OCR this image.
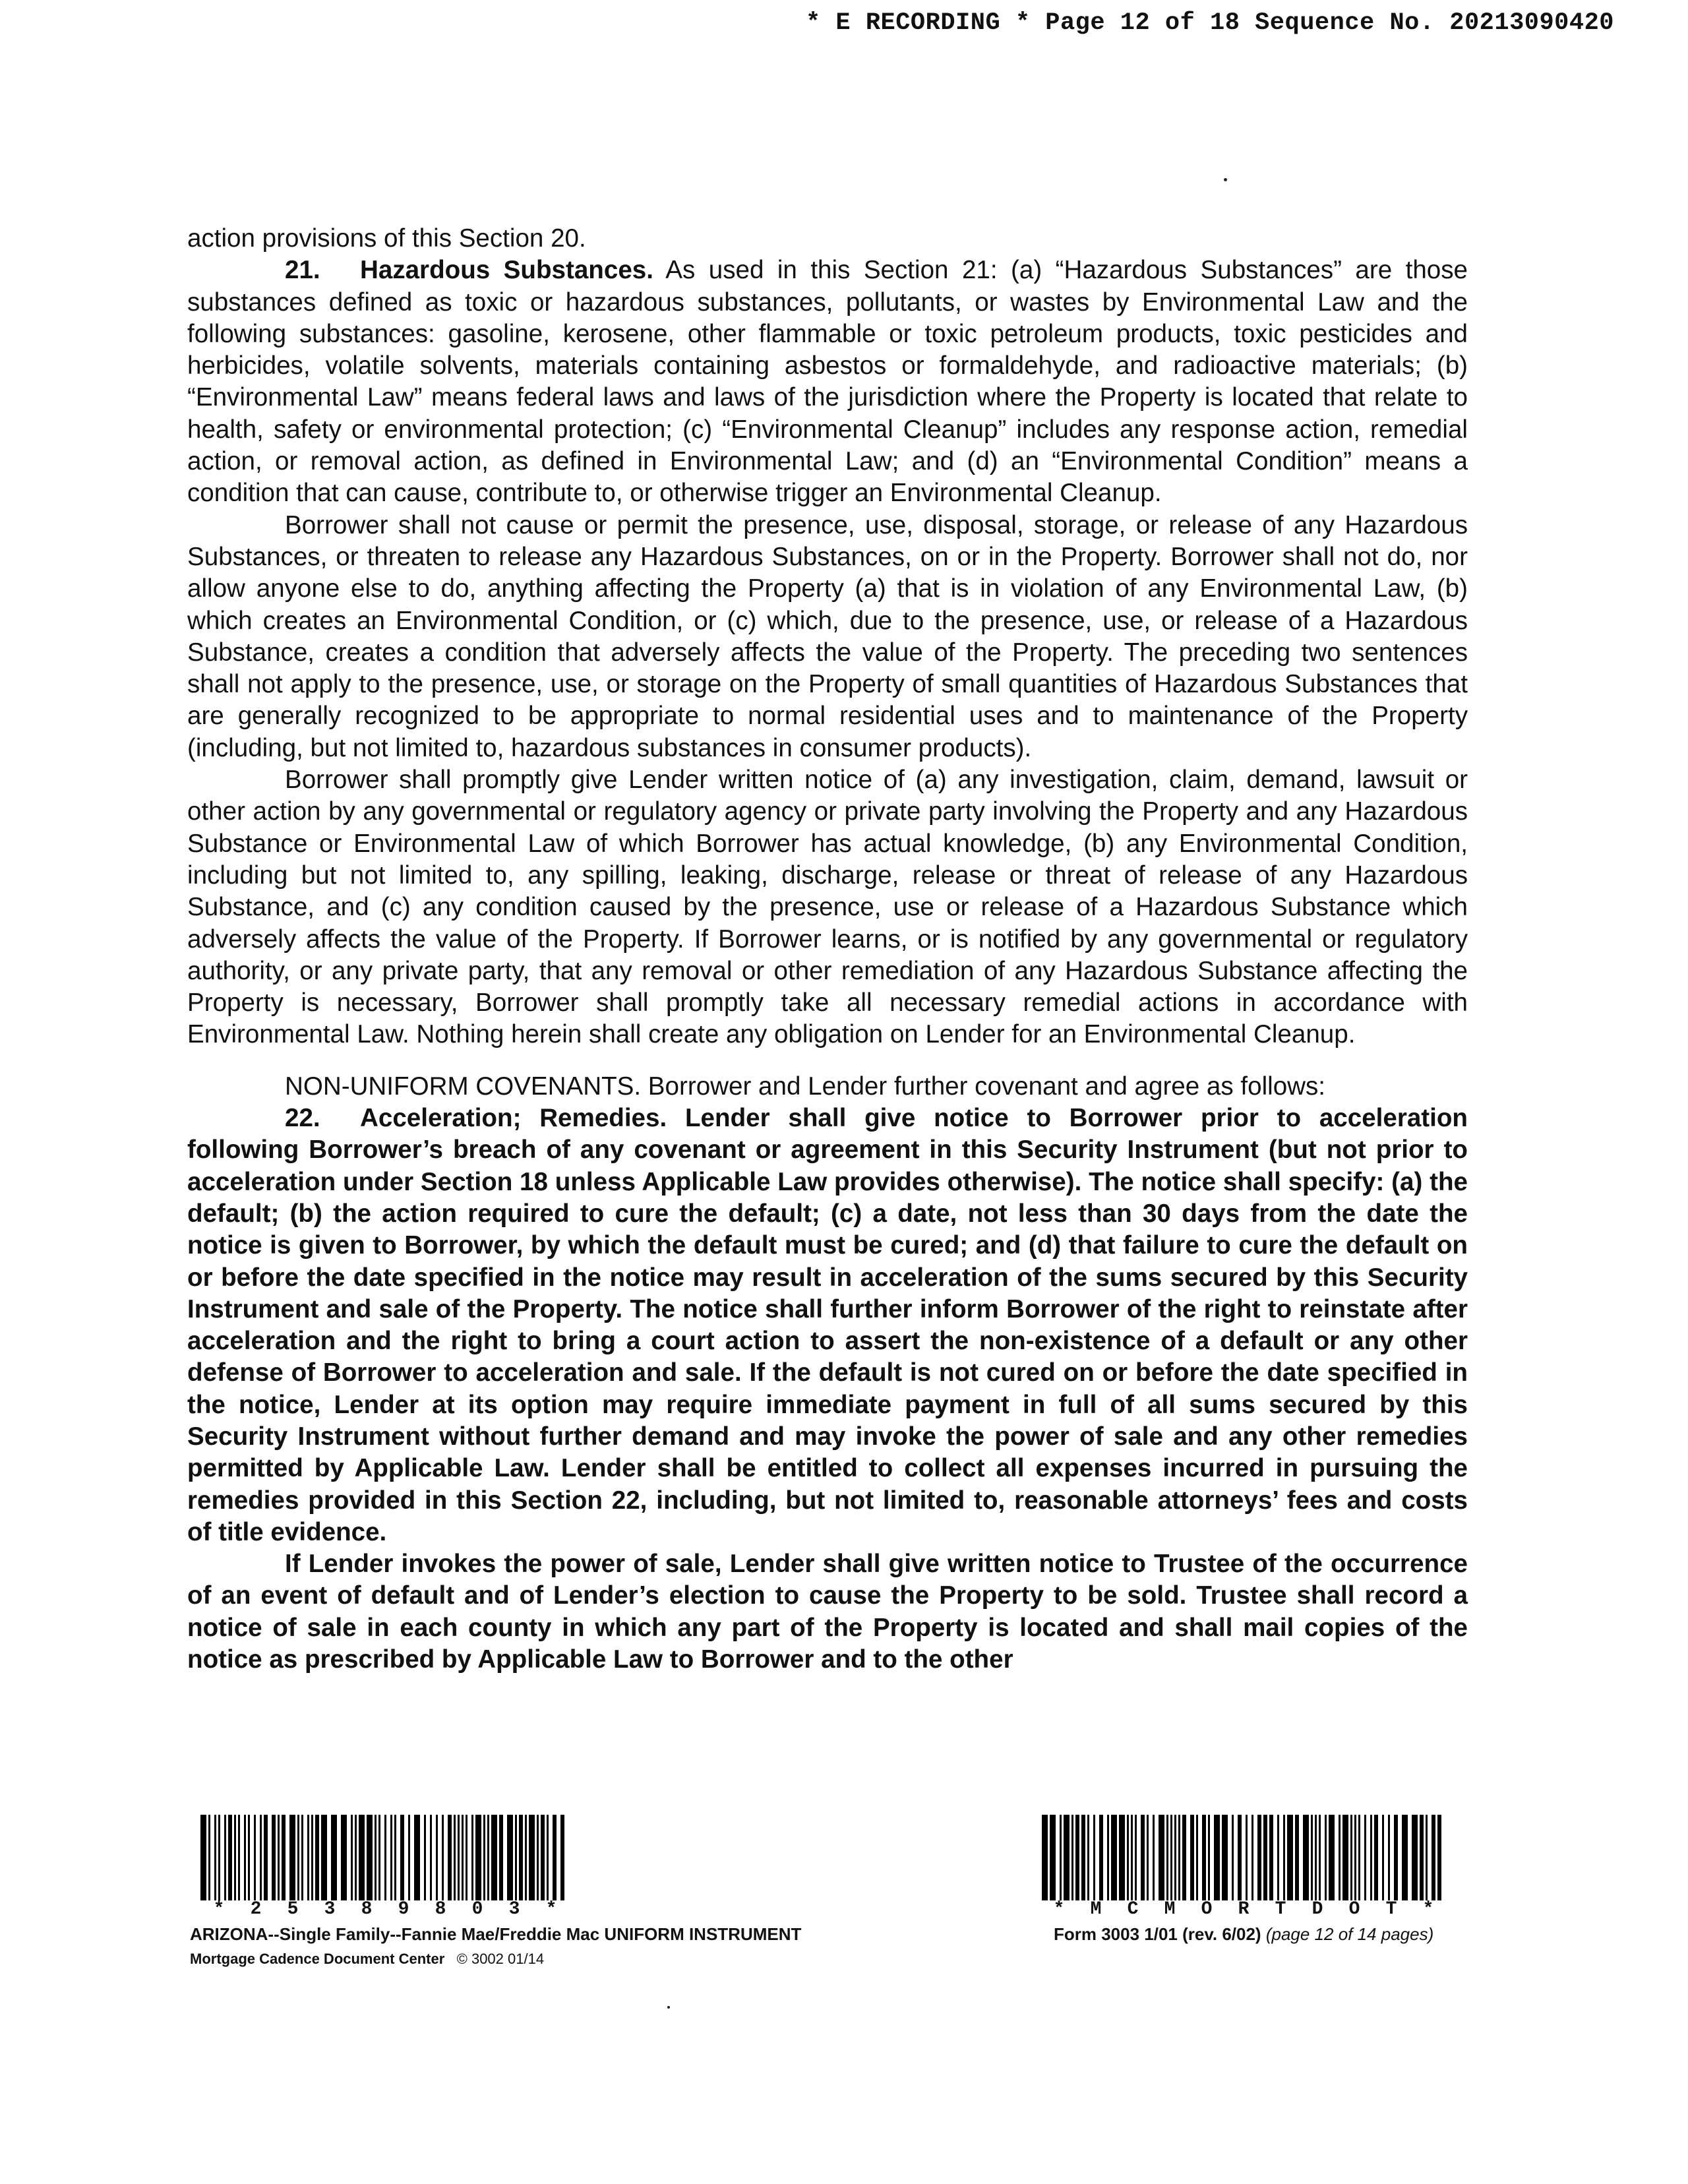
* E RECORDING * Page 12 of 18 Sequence No. 20213090420

action provisions of this Section 20.

21. Hazardous Substances. As used in this Section 21: (a) “Hazardous Substances” are those substances defined as toxic or hazardous substances, pollutants, or wastes by Environmental Law and the following substances: gasoline, kerosene, other flammable or toxic petroleum products, toxic pesticides and herbicides, volatile solvents, materials containing asbestos or formaldehyde, and radioactive materials; (b) “Environmental Law” means federal laws and laws of the jurisdiction where the Property is located that relate to health, safety or environmental protection; (c) “Environmental Cleanup” includes any response action, remedial action, or removal action, as defined in Environmental Law; and (d) an “Environmental Condition” means a condition that can cause, contribute to, or otherwise trigger an Environmental Cleanup.

Borrower shall not cause or permit the presence, use, disposal, storage, or release of any Hazardous Substances, or threaten to release any Hazardous Substances, on or in the Property. Borrower shall not do, nor allow anyone else to do, anything affecting the Property (a) that is in violation of any Environmental Law, (b) which creates an Environmental Condition, or (c) which, due to the presence, use, or release of a Hazardous Substance, creates a condition that adversely affects the value of the Property. The preceding two sentences shall not apply to the presence, use, or storage on the Property of small quantities of Hazardous Substances that are generally recognized to be appropriate to normal residential uses and to maintenance of the Property (including, but not limited to, hazardous substances in consumer products).

Borrower shall promptly give Lender written notice of (a) any investigation, claim, demand, lawsuit or other action by any governmental or regulatory agency or private party involving the Property and any Hazardous Substance or Environmental Law of which Borrower has actual knowledge, (b) any Environmental Condition, including but not limited to, any spilling, leaking, discharge, release or threat of release of any Hazardous Substance, and (c) any condition caused by the presence, use or release of a Hazardous Substance which adversely affects the value of the Property. If Borrower learns, or is notified by any governmental or regulatory authority, or any private party, that any removal or other remediation of any Hazardous Substance affecting the Property is necessary, Borrower shall promptly take all necessary remedial actions in accordance with Environmental Law. Nothing herein shall create any obligation on Lender for an Environmental Cleanup.

NON-UNIFORM COVENANTS. Borrower and Lender further covenant and agree as follows:

22. Acceleration; Remedies. Lender shall give notice to Borrower prior to acceleration following Borrower’s breach of any covenant or agreement in this Security Instrument (but not prior to acceleration under Section 18 unless Applicable Law provides otherwise). The notice shall specify: (a) the default; (b) the action required to cure the default; (c) a date, not less than 30 days from the date the notice is given to Borrower, by which the default must be cured; and (d) that failure to cure the default on or before the date specified in the notice may result in acceleration of the sums secured by this Security Instrument and sale of the Property. The notice shall further inform Borrower of the right to reinstate after acceleration and the right to bring a court action to assert the non-existence of a default or any other defense of Borrower to acceleration and sale. If the default is not cured on or before the date specified in the notice, Lender at its option may require immediate payment in full of all sums secured by this Security Instrument without further demand and may invoke the power of sale and any other remedies permitted by Applicable Law. Lender shall be entitled to collect all expenses incurred in pursuing the remedies provided in this Section 22, including, but not limited to, reasonable attorneys’ fees and costs of title evidence.

If Lender invokes the power of sale, Lender shall give written notice to Trustee of the occurrence of an event of default and of Lender’s election to cause the Property to be sold. Trustee shall record a notice of sale in each county in which any part of the Property is located and shall mail copies of the notice as prescribed by Applicable Law to Borrower and to the other

* 2 5 3 8 9 8 0 3 *	* M C M O R T D O T *
ARIZONA--Single Family--Fannie Mae/Freddie Mac UNIFORM INSTRUMENT
Mortgage Cadence Document Center © 3002 01/14
Form 3003 1/01 (rev. 6/02) (page 12 of 14 pages)
